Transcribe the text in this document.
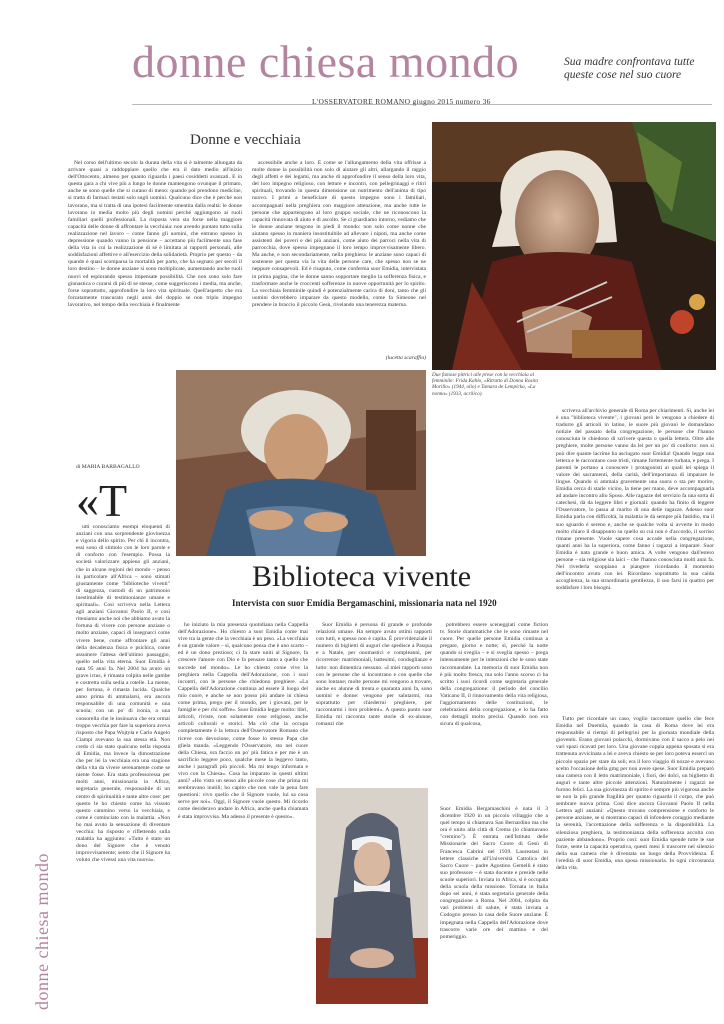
donne chiesa mondo	Sua madre confrontava tutte queste cose nel suo cuore
L'OSSERVATORE ROMANO giugno 2015 numero 36
donne chiesa mondo
Donne e vecchiaia

Nel corso dell'ultimo secolo la durata della vita si è talmente allungata da arrivare quasi a raddoppiare quello che era il dato medio all'inizio dell'Ottocento, almeno per quanto riguarda i paesi cosiddetti avanzati. E in questa gara a chi vive più a lungo le donne mantengono ovunque il primato, anche se sono quelle che si curano di meno: quando poi prendono medicine, si tratta di farmaci testati solo sugli uomini. Qualcuno dice che è perché non lavorano, ma si tratta di una ipotesi facilmente smentita dalla realtà: le donne lavorano in media molto più degli uomini perché aggiungono ai ruoli familiari quelli professionali. La risposta vera sta forse nella maggiore capacità delle donne di affrontare la vecchiaia: non avendo puntato tutto sulla realizzazione nel lavoro – come fanno gli uomini, che entrano spesso in depressione quando vanno in pensione – accettano più facilmente una fase della vita in cui la realizzazione di sé è limitata ai rapporti personali, alle soddisfazioni affettive e all'esercizio della solidarietà. Proprio per questo – da quando è quasi scomparsa la mortalità per parto, che ha segnato per secoli il loro destino – le donne anziane si sono moltiplicate, aumentando anche ruoli nuovi ed esplorando spesso impensate possibilità. Che non sono solo fare ginnastica o curarsi di più di se stesse, come suggeriscono i media, ma anche, forse soprattutto, approfondire la loro vita spirituale. Quell'aspetto che era forzatamente trascurato negli anni del doppio se non triplo impegno lavorativo, nel tempo della vecchiaia è finalmente

accessibile anche a loro. È come se l'allungamento della vita offrisse a molte donne la possibilità non solo di aiutare gli altri, allargando il raggio degli affetti e dei legami, ma anche di approfondire il senso della loro vita, del loro impegno religioso, con letture e incontri, con pellegrinaggi e ritiri spirituali, trovando in questa dimensione un nutrimento dell'anima di tipo nuovo. I primi a beneficiare di questo impegno sono i familiari, accompagnati nella preghiera con maggiore attenzione, ma anche tutte le persone che appartengono al loro gruppo sociale, che ne riconoscono la capacità rinnovata di aiuto e di ascolto. Se ci guardiamo intorno, vediamo che le donne anziane tengono in piedi il mondo: non solo come nonne che aiutano spesso in maniera insostituibile ad allevare i nipoti, ma anche come assistenti dei poveri e dei più anziani, come aiuto dei parroci nella vita di parrocchia, dove spesso impegnano il loro tempo improvvisamente libero. Ma anche, e non secondariamente, nella preghiera: le anziane sono capaci di sostenere per questa via la vita delle persone care, che spesso non se ne neppure consapevoli. Ed è risaputo, come conferma suor Emidia, intervistata in prima pagina, che le donne sanno sopportare meglio la sofferenza fisica, e trasformare anche le croccenti sofferenze in nuove opportunità per lo spirito. La vecchiaia femminile quindi è potenzialmente carica di doni, tanto che gli uomini dovrebbero imparare da questo modello, come fa Simeone nel prendere in braccio il piccolo Gesù, rivelando una tenerezza materna.

(lucetta scaraffia)
Due famose pittrici alle prese con la vecchiaia al femminile: Frida Kahlo, «Ritratto di Donna Rosita Morillo» (1944, olio) e Tamara de Lempicka, «La nonna» (1933, acrilico).
di MARIA BARBAGALLO
«T
Biblioteca vivente
Intervista con suor Emidia Bergamaschini, missionaria nata nel 1920

utti conosciamo esempi eloquenti di anziani con una sorprendente giovinezza e vigoria dello spirito. Per chi li incontra, essi sono di stimolo con le loro parole e di conforto con l'esempio. Possa la società valorizzare appieno gli anziani, che in alcune regioni del mondo – penso in particolare all'Africa – sono stimati giustamente come "biblioteche viventi" di saggezza, custodi di un patrimonio inestimabile di testimonianze umane e spirituali». Così scriveva nella Lettera agli anziani Giovanni Paolo II, e così riteniamo anche noi che abbiamo avuto la fortuna di vivere con persone anziane o molto anziane, capaci di insegnarci come vivere bene, come affrontare gli anni della decadenza fisica e psichica, come assumere l'attesa dell'ultimo passaggio, quello nella vita eterna. Suor Emidia è nata 95 anni fa. Nel 2004 ha avuto un grave ictus, è rimasta colpita nelle gambe e costretta sulla sedia a rotelle. La mente, per fortuna, è rimasta lucida. Qualche anno prima di ammalarsi, era ancora responsabile di una comunità e una scuola; con un po' di ironia, a una consorella che le insinuava che era ormai troppo vecchia per fare la superiora aveva risposto che Papa Wojtyła e Carlo Angelo Ciampi avevano la sua stessa età. Non credo ci sia stato qualcuno nella risposta di Emidia, ma invece la dimostrazione che per lei la vecchiaia era una stagione della vita da vivere serenamente come se niente fosse. Era stata professoressa per molti anni, missionaria in Africa, segretaria generale, responsabile di un centro di spiritualità e tante altre cose: per questo le ho chiesto come ha vissuto questo cammino verso la vecchiaia, e come è cominciato con la malattia. «Non ho mai avuto la sensazione di diventare vecchia: ha risposto e riflettendo sulla malattia ha aggiunto: «Tutto è stato un dono del Signore che è venuto improvvisamente; sento che il Signore ha voluto che vivessi una vita nuova».

ho iniziato la mia presenza quotidiana nella Cappella dell'Adorazione». Ho chiesto a suor Emidia come mai vive tra la gente che la vecchiaia è un peso. «La vecchiaia è un grande valore – si, qualcuno pensa che è uno scarto – ed è un dono prezioso; ci fa stare uniti al Signore, fa crescere l'amore con Dio e fa pensare tanto a quello che succede nel mondo». Le ho chiesto come vive la preghiera nella Cappella dell'Adorazione, con i suoi incontri, con le persone che chiedono preghiere. «La Cappella dell'Adorazione continua ad essere il luogo del mio cuore, e anche se non posso più andare in chiesa come prima, prego per il mondo, per i giovani, per le famiglie e per chi soffre». Suor Emidia legge molto: libri, articoli, riviste, non solamente cose religiose, anche articoli culturali e storici. Ma ciò che la occupa completamente è la lettura dell'Osservatore Romano che riceve con devozione, come fosse lo stesso Papa che gliela manda. «Leggendo l'Osservatore, sto nel cuore della Chiesa, ora faccio un po' più fatica e per me è un sacrificio leggere poco, qualche mese la leggevo tanto, anche i paragrafi più piccoli. Ma mi tengo informata e vivo con la Chiesa». Cosa ha imparato in questi ultimi anni? «Ho visto un senso alle piccole cose che prima mi sembravano inutili; ho capito che non vale la pena fare questioni: vivo quello che il Signore vuole, lui sa cosa serve per noi». Oggi, il Signore vuole questo. Mi ricordo come desideravo andare in Africa, anche quella chiamata è stata improvvisa. Ma adesso il presente è questo».

Suor Emidia è persona di grande e profonde relazioni umane. Ha sempre avuto ottimi rapporti con tutti, e spesso non è capita. È provvidenziale il numero di biglietti di auguri che spedisce a Pasqua e a Natale, per onomastici e compleanni, per ricorrenze: matrimoniali, battesimi, condoglianze e lutto: non dimentica nessuno. «I miei rapporti sono con le persone che si incontrano e con quelle che sono lontane; molte persone mi vengono a trovare, anche ex alunne di trenta e quaranta anni fa, sono uomini e donne: vengono per salutarmi, ma soprattutto per chiedermi preghiere, per raccontarmi i loro problemi». A questo punto suor Emidia mi racconta tante storie di ex-alunne, romanzi che

potrebbero essere sceneggiati come fiction tv. Storie drammatiche che le sono rimaste nel cuore. Per quelle persone Emidia continua a pregare, giorno e notte; sì, perché la notte quando si sveglia – e si sveglia spesso – prega intensamente per le intenzioni che le sono state raccomandate. La memoria di suor Emidia non è più molto fresca, ma solo l'anno scorso ci ha scritto i suoi ricordi come segretaria generale della congregazione: il periodo del concilio Vaticano II, il rinnovamento della vita religiosa, l'aggiornamento delle costituzioni, le celebrazioni della congregazione, e lo ha fatto con dettagli molto precisi. Quando non era sicura di qualcosa,

scriveva all'archivio generale di Roma per chiarimenti. Sì, anche lei è una "biblioteca vivente", i giovani però le vengono a chiedere di tradurre gli articoli in latino, le suore più giovani le domandano notizie del passato della congregazione, le persone che l'hanno conosciuta le chiedono di scrivere questa o quella lettera. Oltre alle preghiere, molte persone vanno da lei per un po' di conforto: non si può dire quante lacrime ha asciugato suor Emidia! Quando legge una lettera e le raccontano cose tristi, rimane fortemente turbata, e prega. I parenti le portano a conoscere i protagonisti ai quali lei spiega il valore dei sacramenti, della carità, dell'importanza di imparare le lingue. Quando si ammala gravemente una suora o sta per morire, Emidia cerca di starle vicino, la tiene per mano, deve accompagnarla ad andare incontro allo Sposo. Alle ragazze del servizio fa una sorta di catechesi, dà da leggere libri e giornali: quando ha finito di leggere l'Osservatore, lo passa al marito di una delle ragazze. Adesso suor Emidia parla con difficoltà, la malattia le dà sempre più fastidio, ma il suo sguardo è sereno e, anche se qualche volta si avverte in modo molto chiaro il disappunto su quello su cui non è d'accordo, il sorriso rimane presente. Vuole sapere cosa accade nella congregazione, quanti anni ha la superiora, come fanno i ragazzi a imparare. Suor Emidia è nata grande e buon amica. A volte vengono dall'estero persone – sia religiose sia laici – che l'hanno conosciuta molti anni fa. Nel rivederla scoppiano a piangere ricordando il momento dell'incontro avuto con lei. Ricordano soprattutto la sua calda accoglienza, la sua straordinaria gentilezza, il suo farsi in quattro per soddisfare i loro bisogni.

Tutto per ricordare un caso, voglio raccontare quello che fece Emidia nel Duemila, quando la casa di Roma dove lei era responsabile si riempì di pellegrini per la giornata mondiale della gioventù. Erano giovani polacchi, dormivano con il sacco a pelo nei vari spazi ricavati per loro. Una giovane coppia appena sposata si era trattenuta avvicinata a lei e aveva chiesto se per loro poteva esserci un piccolo spazio per stare da soli; era il loro viaggio di nozze e avevano scelto l'occasione della gmg per non avere spese. Suor Emidia preparò una camera con il letto matrimoniale, i fiori, dei dolci, un biglietto di auguri e tante altre piccole attenzioni. Naturalmente i ragazzi ne furono felici. La sua giovinezza di spirito è sempre più vigorosa anche se non la più grande fragilità per quanto riguarda il corpo, che può sembrare nuova prima. Così dice ancora Giovanni Paolo II nella Lettera agli anziani: «Questo trovano comprensione e conforto le persone anziane, se si mostrano capaci di infondere coraggio mediante la serenità, l'accettazione della sofferenza e la disponibilità. La silenziosa preghiera, la testimonianza della sofferenza accolta con paziente abbandono». Proprio così: suor Emidia spende tutte le sue forze, sente la capacità operativa, questi mesi li trascorre nel silenzio della sua camera che è diventata un luogo della Provvidenza. È l'eredità di suor Emidia, una sposa missionaria. In ogni circostanza della vita.

Suor Emidia Bergamaschini è nata il 3 dicembre 1920 in un piccolo villaggio che a quel tempo si chiamava San Bernardino ma che ora è unito alla città di Crema (lo chiamavano "cremino"). È entrata nell'Istituto delle Missionarie del Sacro Cuore di Gesù di Francesca Cabrini nel 1939. Laureatasi in lettere classiche all'Università Cattolica del Sacro Cuore – padre Agostino Gemelli è stato suo professore – è stata docente e preside nelle scuole superiori. Inviata in Africa, si è occupata della scuola della missione. Tornata in Italia dopo sei anni, è stata segretaria generale della congregazione a Roma. Nel 2004, colpita da vari problemi di salute, è stata inviata a Codogno presso la casa delle Suore anziane. È impegnata nella Cappella dell'Adorazione dove trascorre varie ore del mattino e del pomeriggio.
